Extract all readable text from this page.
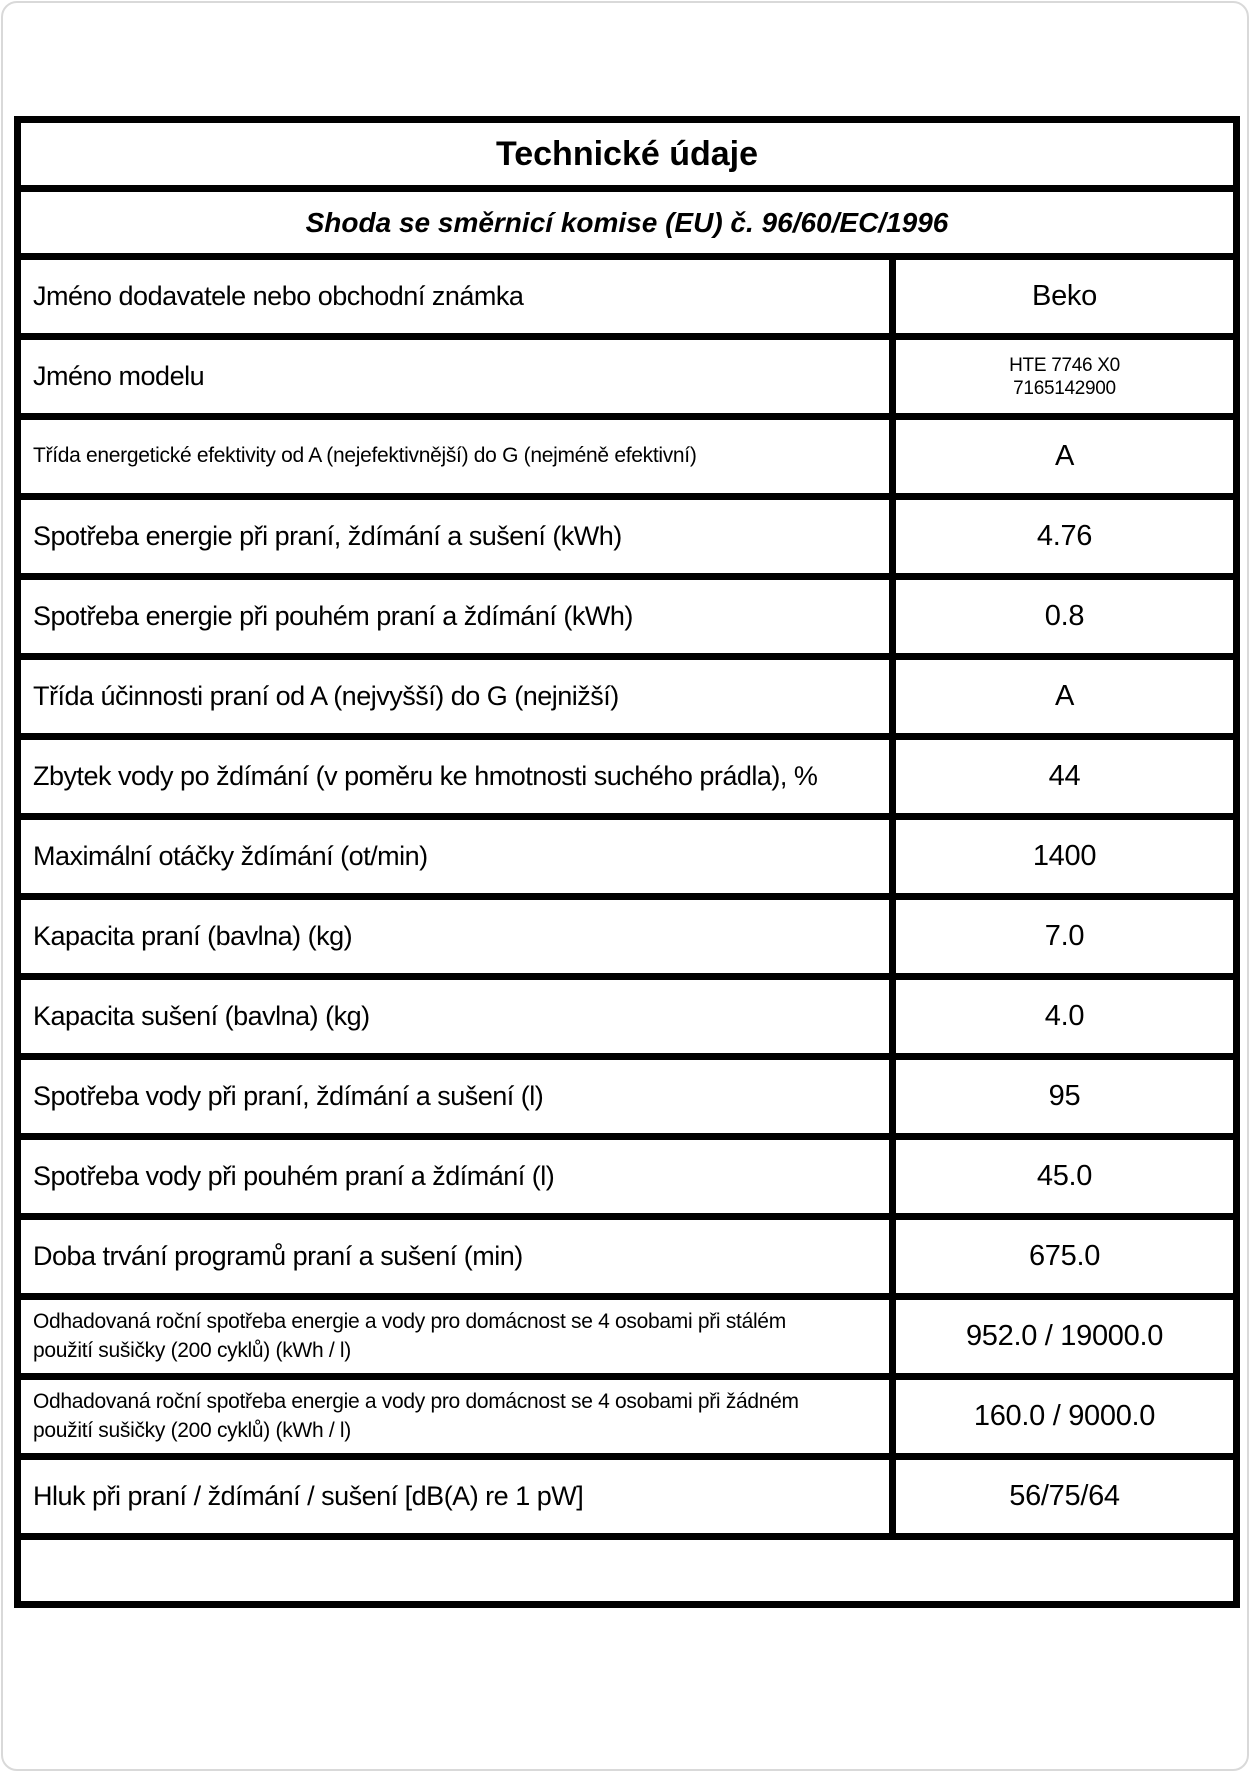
Technické údaje
Shoda se směrnicí komise (EU) č. 96/60/EC/1996
Jméno dodavatele nebo obchodní známka	Beko
Jméno modelu	HTE 7746 X0
7165142900
Třída energetické efektivity od A (nejefektivnější) do G (nejméně efektivní)	A
Spotřeba energie při praní, ždímání a sušení (kWh)	4.76
Spotřeba energie při pouhém praní a ždímání (kWh)	0.8
Třída účinnosti praní od A (nejvyšší) do G (nejnižší)	A
Zbytek vody po ždímání (v poměru ke hmotnosti suchého prádla), %	44
Maximální otáčky ždímání (ot/min)	1400
Kapacita praní (bavlna) (kg)	7.0
Kapacita sušení (bavlna) (kg)	4.0
Spotřeba vody při praní, ždímání a sušení (l)	95
Spotřeba vody při pouhém praní a ždímání (l)	45.0
Doba trvání programů praní a sušení (min)	675.0
Odhadovaná roční spotřeba energie a vody pro domácnost se 4 osobami při stálém použití sušičky (200 cyklů) (kWh / l)	952.0 / 19000.0
Odhadovaná roční spotřeba energie a vody pro domácnost se 4 osobami při žádném použití sušičky (200 cyklů) (kWh / l)	160.0 / 9000.0
Hluk při praní / ždímání / sušení [dB(A) re 1 pW]	56/75/64
